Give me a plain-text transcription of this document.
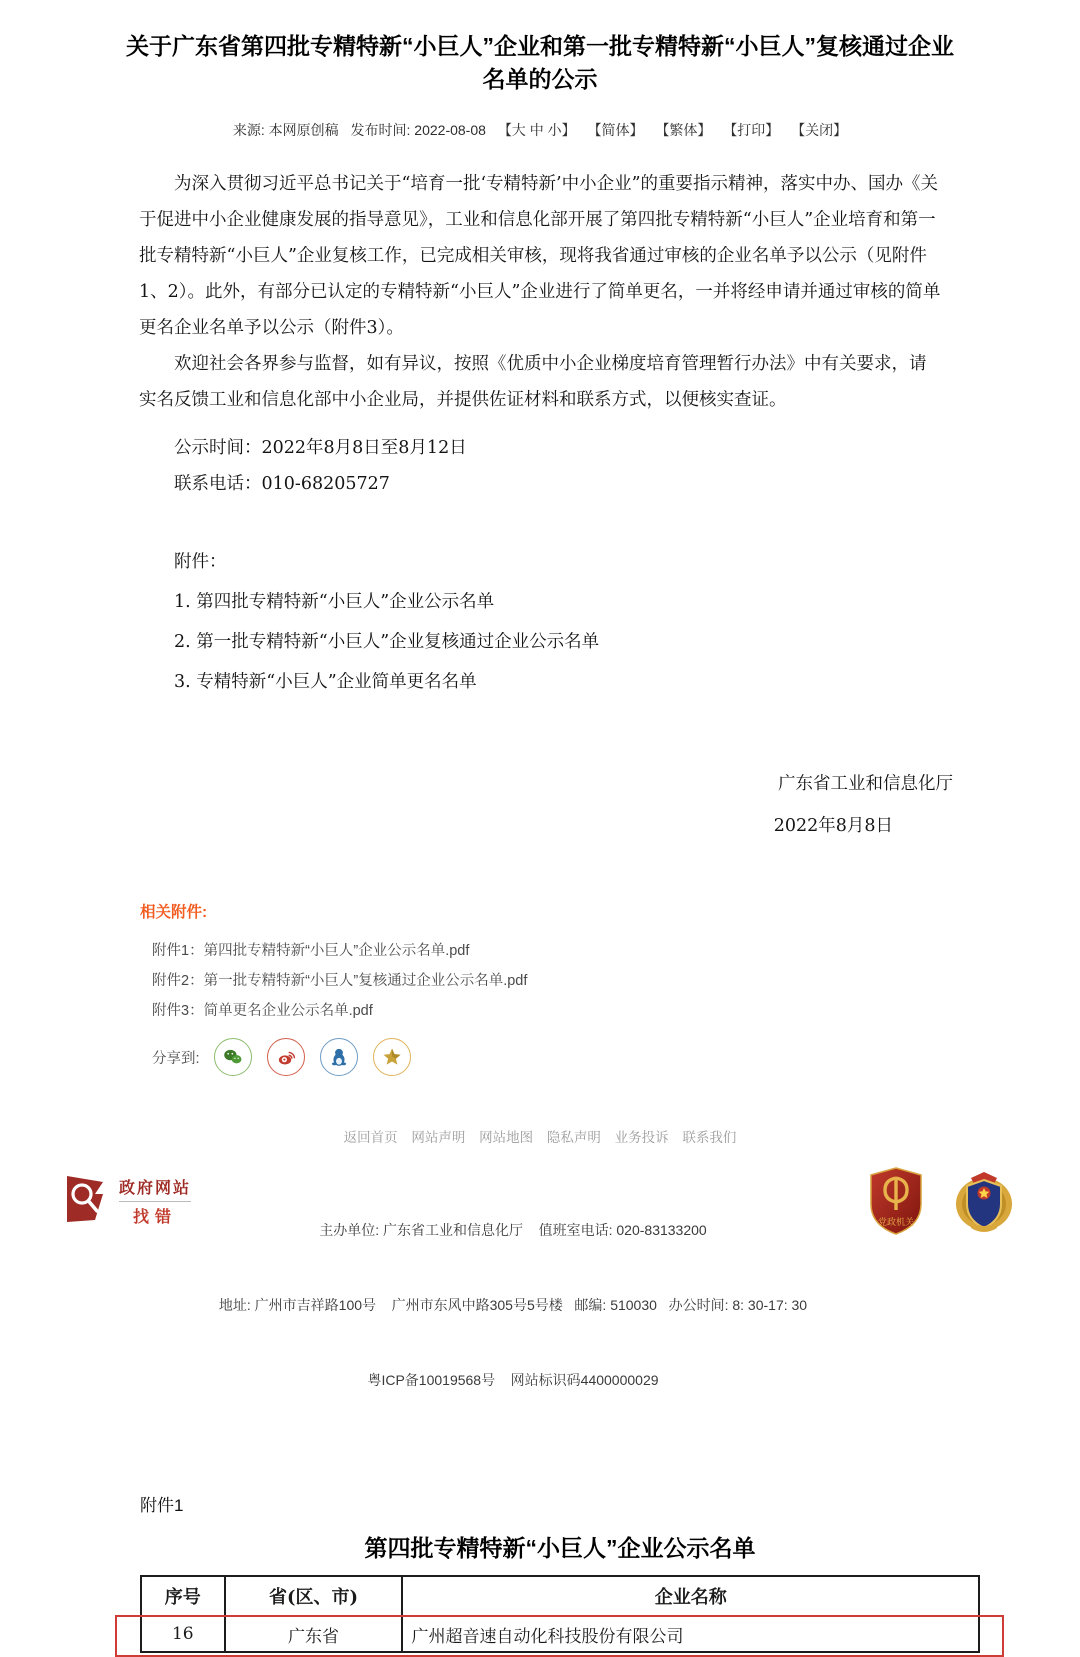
关于广东省第四批专精特新“小巨人”企业和第一批专精特新“小巨人”复核通过企业名单的公示
来源: 本网原创稿 发布时间: 2022-08-08 【大 中 小】 【简体】 【繁体】 【打印】 【关闭】

为深入贯彻习近平总书记关于“培育一批‘专精特新’中小企业”的重要指示精神，落实中办、国办《关于促进中小企业健康发展的指导意见》，工业和信息化部开展了第四批专精特新“小巨人”企业培育和第一批专精特新“小巨人”企业复核工作，已完成相关审核，现将我省通过审核的企业名单予以公示（见附件1、2）。此外，有部分已认定的专精特新“小巨人”企业进行了简单更名，一并将经申请并通过审核的简单更名企业名单予以公示（附件3）。

欢迎社会各界参与监督，如有异议，按照《优质中小企业梯度培育管理暂行办法》中有关要求，请实名反馈工业和信息化部中小企业局，并提供佐证材料和联系方式，以便核实查证。

公示时间：2022年8月8日至8月12日
联系电话：010-68205727
附件：
1. 第四批专精特新“小巨人”企业公示名单
2. 第一批专精特新“小巨人”企业复核通过企业公示名单
3. 专精特新“小巨人”企业简单更名名单
广东省工业和信息化厅
2022年8月8日
相关附件:
附件1：第四批专精特新“小巨人”企业公示名单.pdf
附件2：第一批专精特新“小巨人”复核通过企业公示名单.pdf
附件3：简单更名企业公示名单.pdf
分享到:
返回首页 网站声明 网站地图 隐私声明 业务投诉 联系我们
政府网站
找错

主办单位: 广东省工业和信息化厅    值班室电话: 020-83133200

地址: 广州市吉祥路100号    广州市东风中路305号5号楼   邮编: 510030   办公时间: 8: 30-17: 30

粤ICP备10019568号    网站标识码4400000029

党政机关
附件1
第四批专精特新“小巨人”企业公示名单
序号	省(区、市)	企业名称
16	广东省	广州超音速自动化科技股份有限公司
